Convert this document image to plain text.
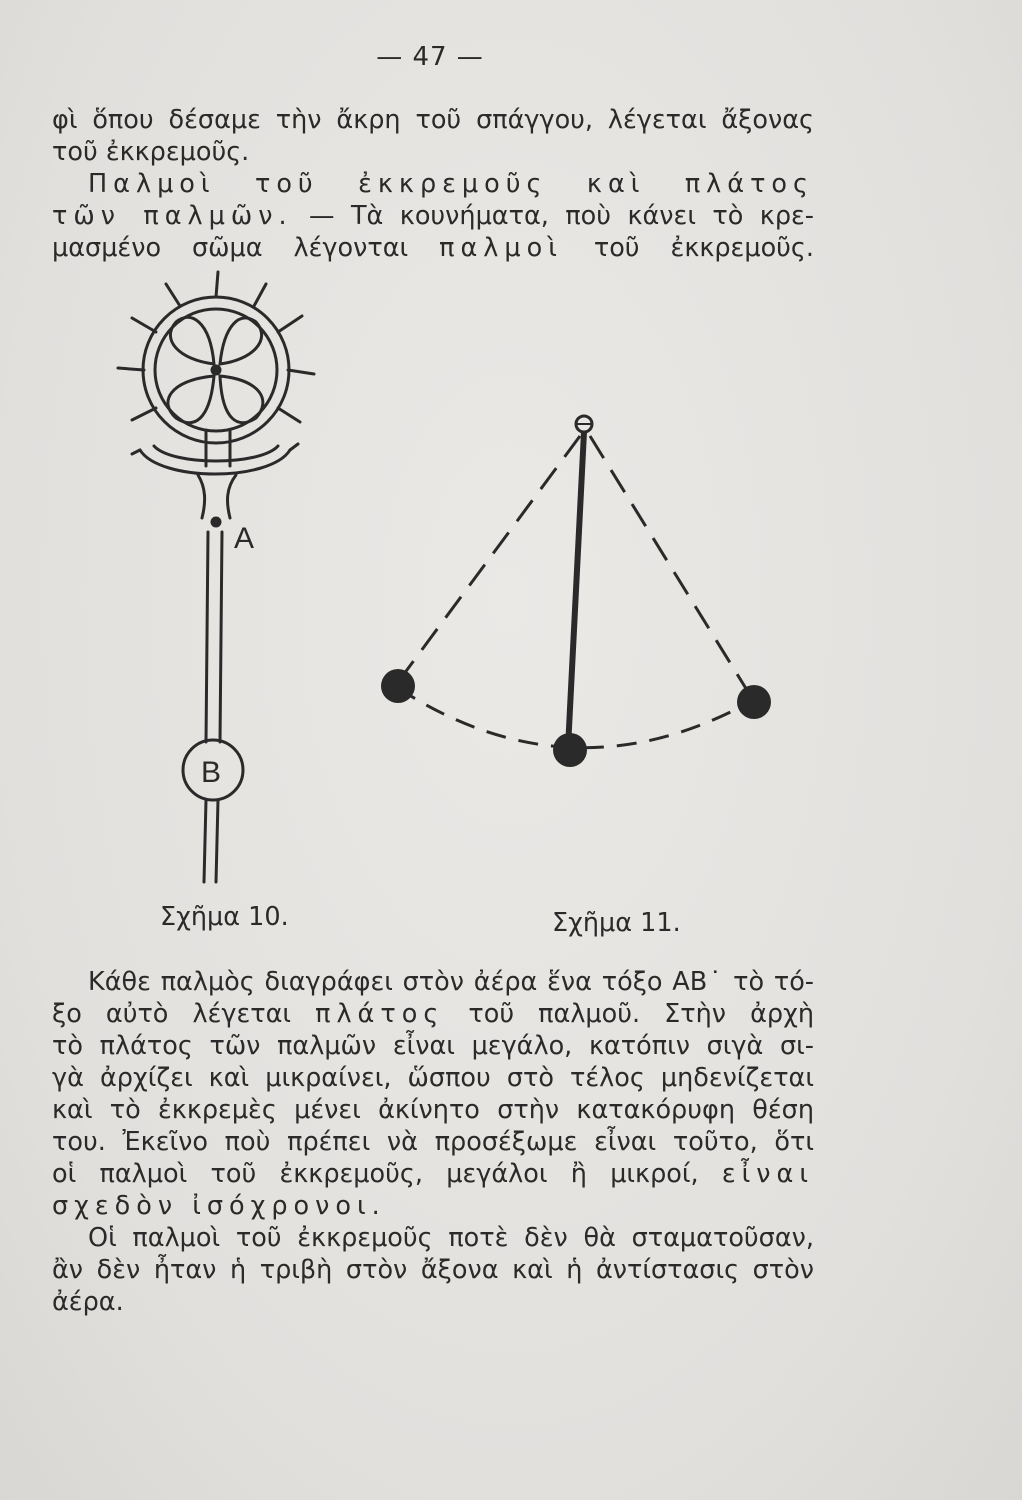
— 47 —
φὶ ὅπου δέσαμε τὴν ἄκρη τοῦ σπάγγου, λέγεται ἄξονας
τοῦ ἐκκρεμοῦς.
Παλμοὶ τοῦ ἐκκρεμοῦς καὶ πλάτος
τῶν παλμῶν. — Τὰ κουνήματα, ποὺ κάνει τὸ κρε-
μασμένο σῶμα λέγονται παλμοὶ τοῦ ἐκκρεμοῦς.
A
B
Σχῆμα 10.	Σχῆμα 11.
Κάθε παλμὸς διαγράφει στὸν ἀέρα ἕνα τόξο ΑΒ˙ τὸ τό-
ξο αὐτὸ λέγεται πλάτος τοῦ παλμοῦ. Στὴν ἀρχὴ
τὸ πλάτος τῶν παλμῶν εἶναι μεγάλο, κατόπιν σιγὰ σι-
γὰ ἀρχίζει καὶ μικραίνει, ὥσπου στὸ τέλος μηδενίζεται
καὶ τὸ ἐκκρεμὲς μένει ἀκίνητο στὴν κατακόρυφη θέση
του. Ἐκεῖνο ποὺ πρέπει νὰ προσέξωμε εἶναι τοῦτο, ὅτι
οἱ παλμοὶ τοῦ ἐκκρεμοῦς, μεγάλοι ἢ μικροί, εἶναι
σχεδὸν ἰσόχρονοι.
Οἱ παλμοὶ τοῦ ἐκκρεμοῦς ποτὲ δὲν θὰ σταματοῦσαν,
ἂν δὲν ἦταν ἡ τριβὴ στὸν ἄξονα καὶ ἡ ἀντίστασις στὸν
ἀέρα.
